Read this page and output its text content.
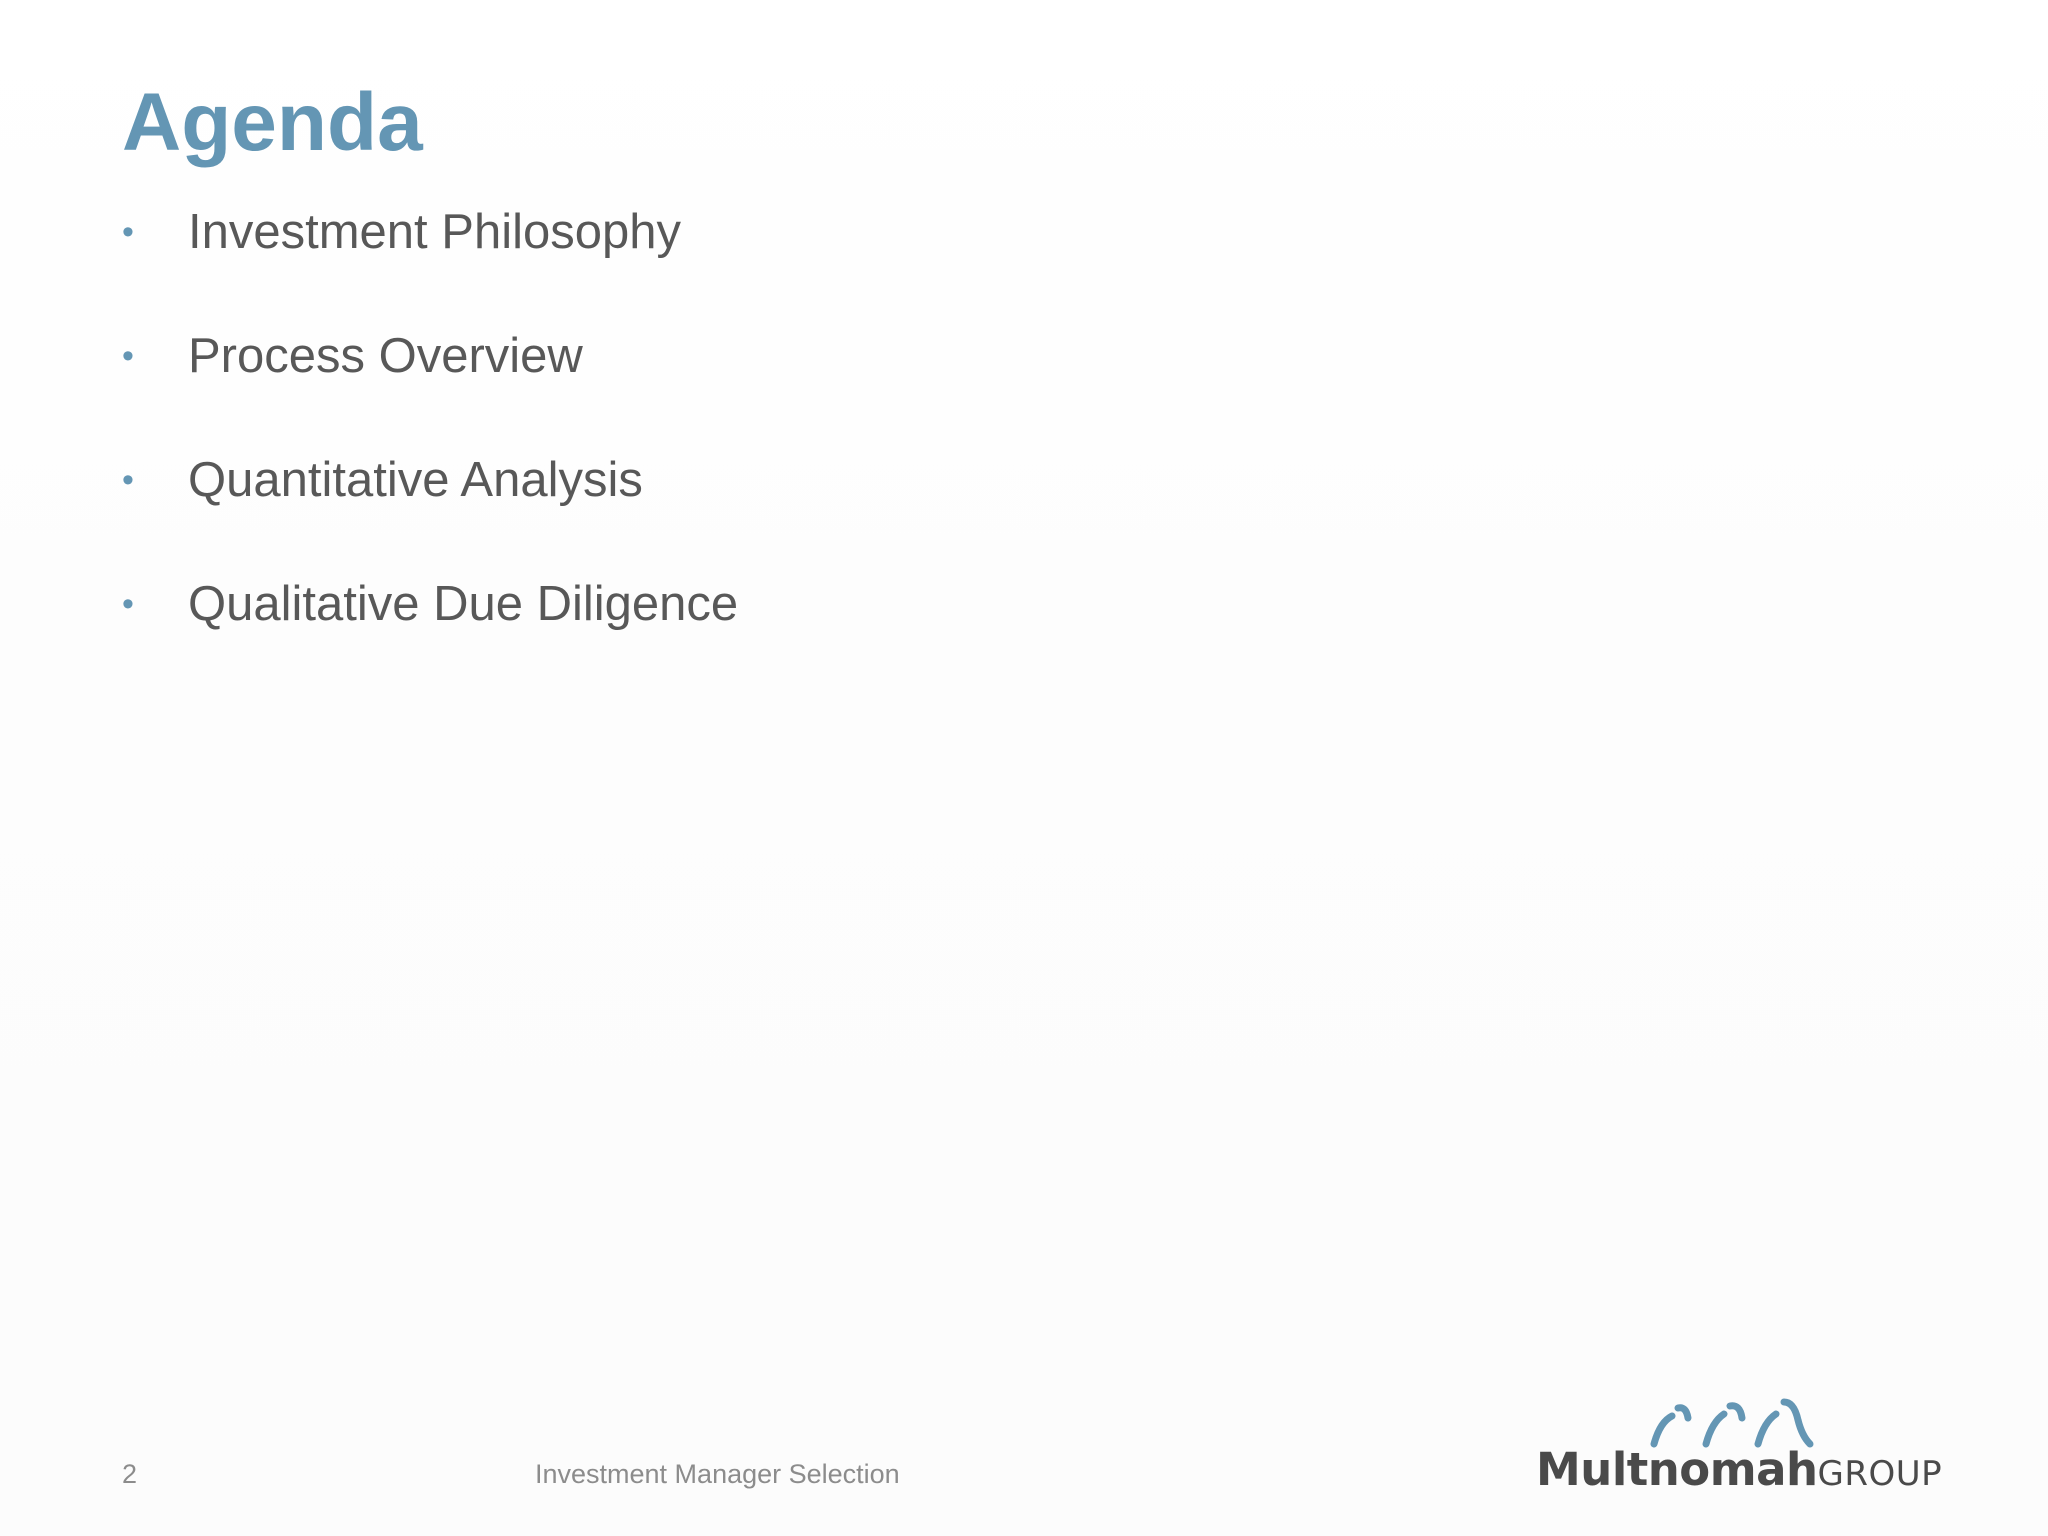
Agenda
• Investment Philosophy
• Process Overview
• Quantitative Analysis
• Qualitative Due Diligence
2	Investment Manager Selection	MultnomahGROUP
